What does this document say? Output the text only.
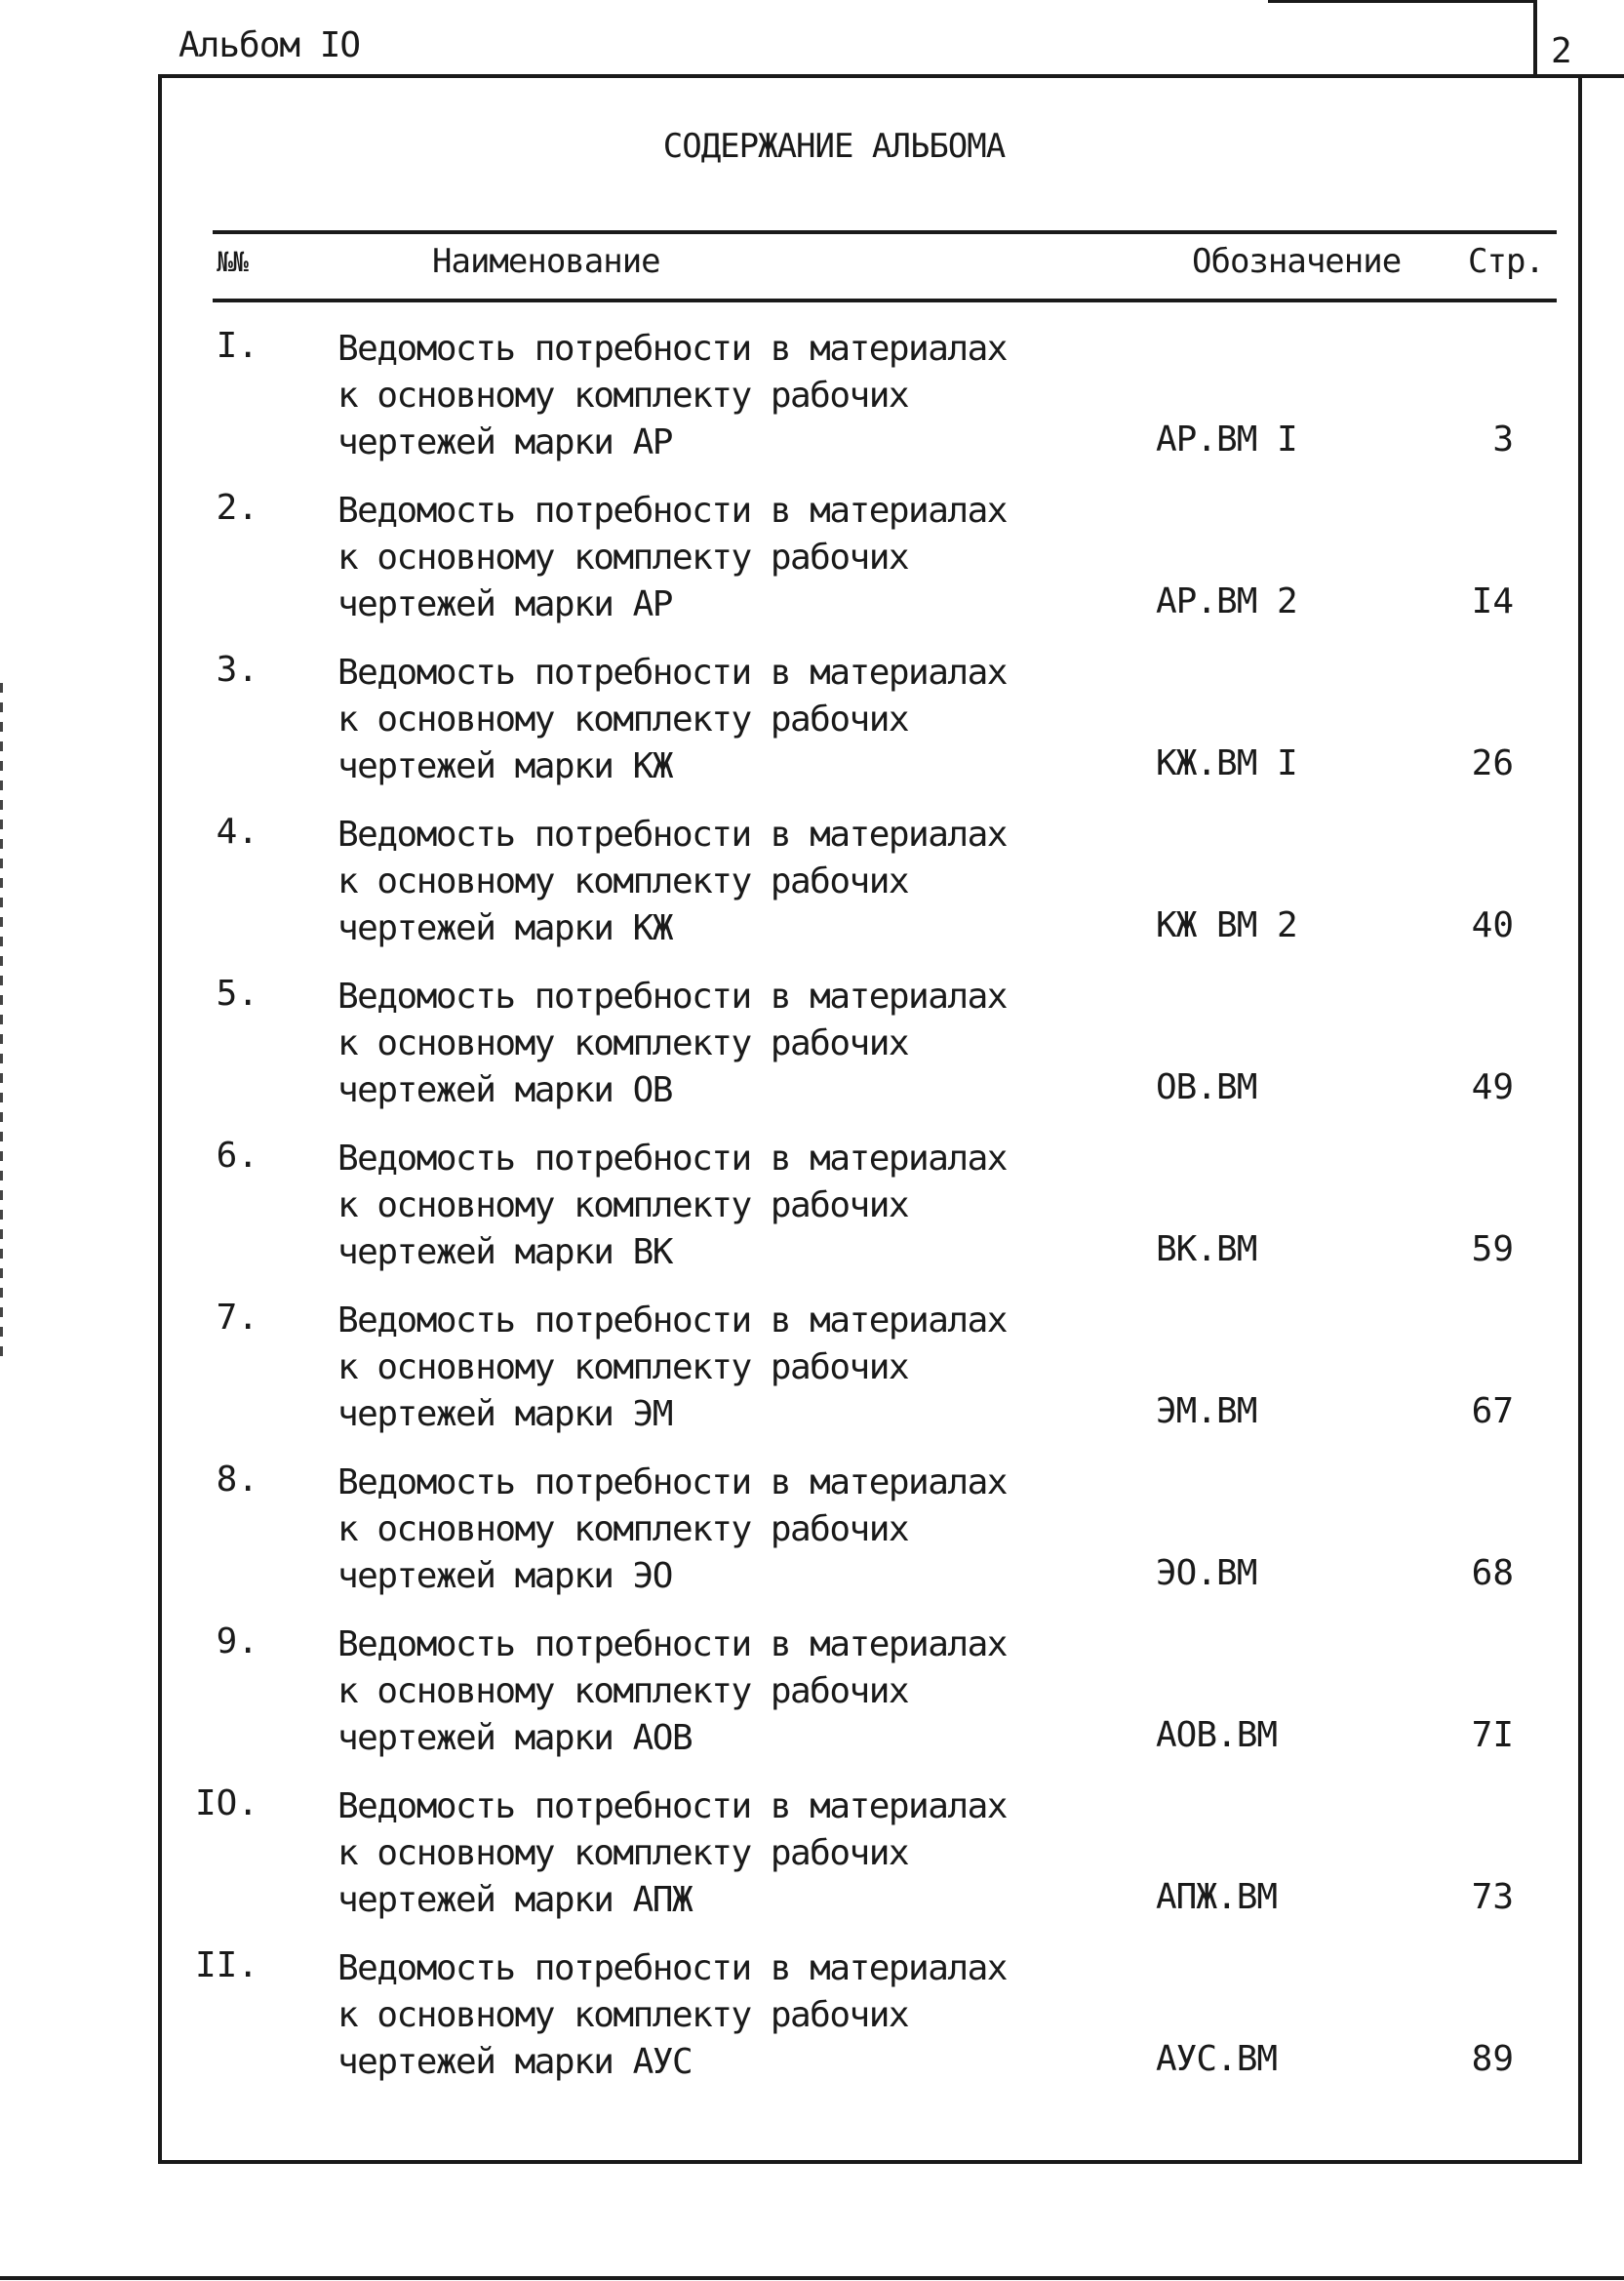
Альбом IO	2
СОДЕРЖАНИЕ АЛЬБОМА
№№	Наименование	Обозначение Стр.
I. Ведомость потребности в материалах
к основному комплекту рабочих
чертежей марки АР	АР.ВМ I	3
2. Ведомость потребности в материалах
к основному комплекту рабочих
чертежей марки АР	АР.ВМ 2	I4
3. Ведомость потребности в материалах
к основному комплекту рабочих
чертежей марки КЖ	КЖ.ВМ I	26
4. Ведомость потребности в материалах
к основному комплекту рабочих
чертежей марки КЖ	КЖ ВМ 2	40
5. Ведомость потребности в материалах
к основному комплекту рабочих
чертежей марки ОВ	ОВ.ВМ	49
6. Ведомость потребности в материалах
к основному комплекту рабочих
чертежей марки ВК	ВК.ВМ	59
7. Ведомость потребности в материалах
к основному комплекту рабочих
чертежей марки ЭМ	ЭМ.ВМ	67
8. Ведомость потребности в материалах
к основному комплекту рабочих
чертежей марки ЭО	ЭО.ВМ	68
9. Ведомость потребности в материалах
к основному комплекту рабочих
чертежей марки АОВ	АОВ.ВМ	7I
IO. Ведомость потребности в материалах
к основному комплекту рабочих
чертежей марки АПЖ	АПЖ.ВМ	73
II. Ведомость потребности в материалах
к основному комплекту рабочих
чертежей марки АУС	АУС.ВМ	89
